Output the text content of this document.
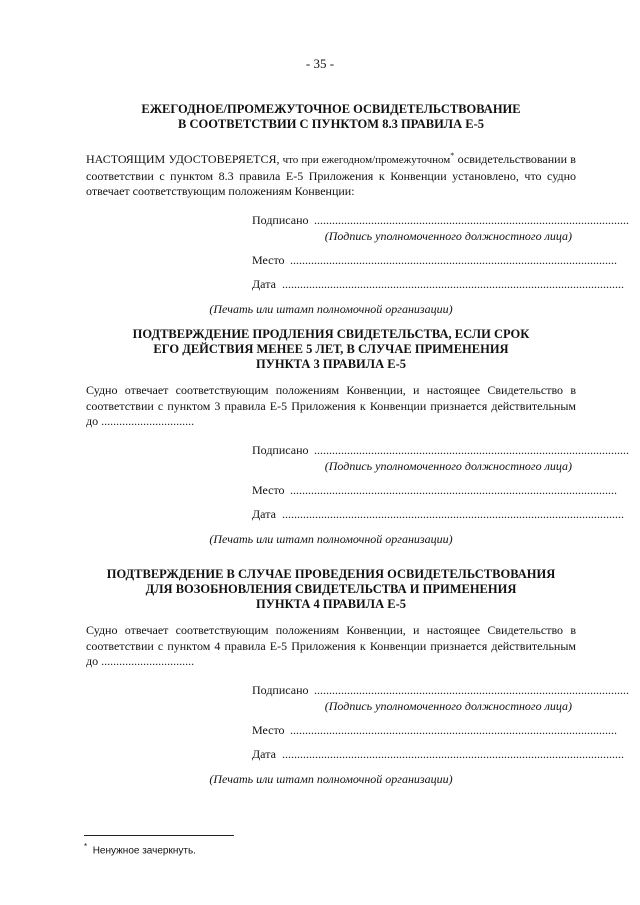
- 35 -
ЕЖЕГОДНОЕ/ПРОМЕЖУТОЧНОЕ ОСВИДЕТЕЛЬСТВОВАНИЕ
В СООТВЕТСТВИИ С ПУНКТОМ 8.3 ПРАВИЛА Е-5
НАСТОЯЩИМ УДОСТОВЕРЯЕТСЯ, что при ежегодном/промежуточном* освидетельствовании в соответствии с пунктом 8.3 правила Е-5 Приложения к Конвенции установлено, что судно отвечает соответствующим положениям Конвенции:
Подписано .........................................................................................................
(Подпись уполномоченного должностного лица)
Место .............................................................................................................
Дата ..................................................................................................................
(Печать или штамп полномочной организации)
ПОДТВЕРЖДЕНИЕ ПРОДЛЕНИЯ СВИДЕТЕЛЬСТВА, ЕСЛИ СРОК
ЕГО ДЕЙСТВИЯ МЕНЕЕ 5 ЛЕТ, В СЛУЧАЕ ПРИМЕНЕНИЯ
ПУНКТА 3 ПРАВИЛА Е-5
Судно отвечает соответствующим положениям Конвенции, и настоящее Свидетельство в соответствии с пунктом 3 правила Е-5 Приложения к Конвенции признается действительным до ...............................
Подписано .........................................................................................................
(Подпись уполномоченного должностного лица)
Место .............................................................................................................
Дата ..................................................................................................................
(Печать или штамп полномочной организации)
ПОДТВЕРЖДЕНИЕ В СЛУЧАЕ ПРОВЕДЕНИЯ ОСВИДЕТЕЛЬСТВОВАНИЯ
ДЛЯ ВОЗОБНОВЛЕНИЯ СВИДЕТЕЛЬСТВА И ПРИМЕНЕНИЯ
ПУНКТА 4 ПРАВИЛА Е-5
Судно отвечает соответствующим положениям Конвенции, и настоящее Свидетельство в соответствии с пунктом 4 правила Е-5 Приложения к Конвенции признается действительным до ...............................
Подписано .........................................................................................................
(Подпись уполномоченного должностного лица)
Место .............................................................................................................
Дата ..................................................................................................................
(Печать или штамп полномочной организации)
* Ненужное зачеркнуть.
